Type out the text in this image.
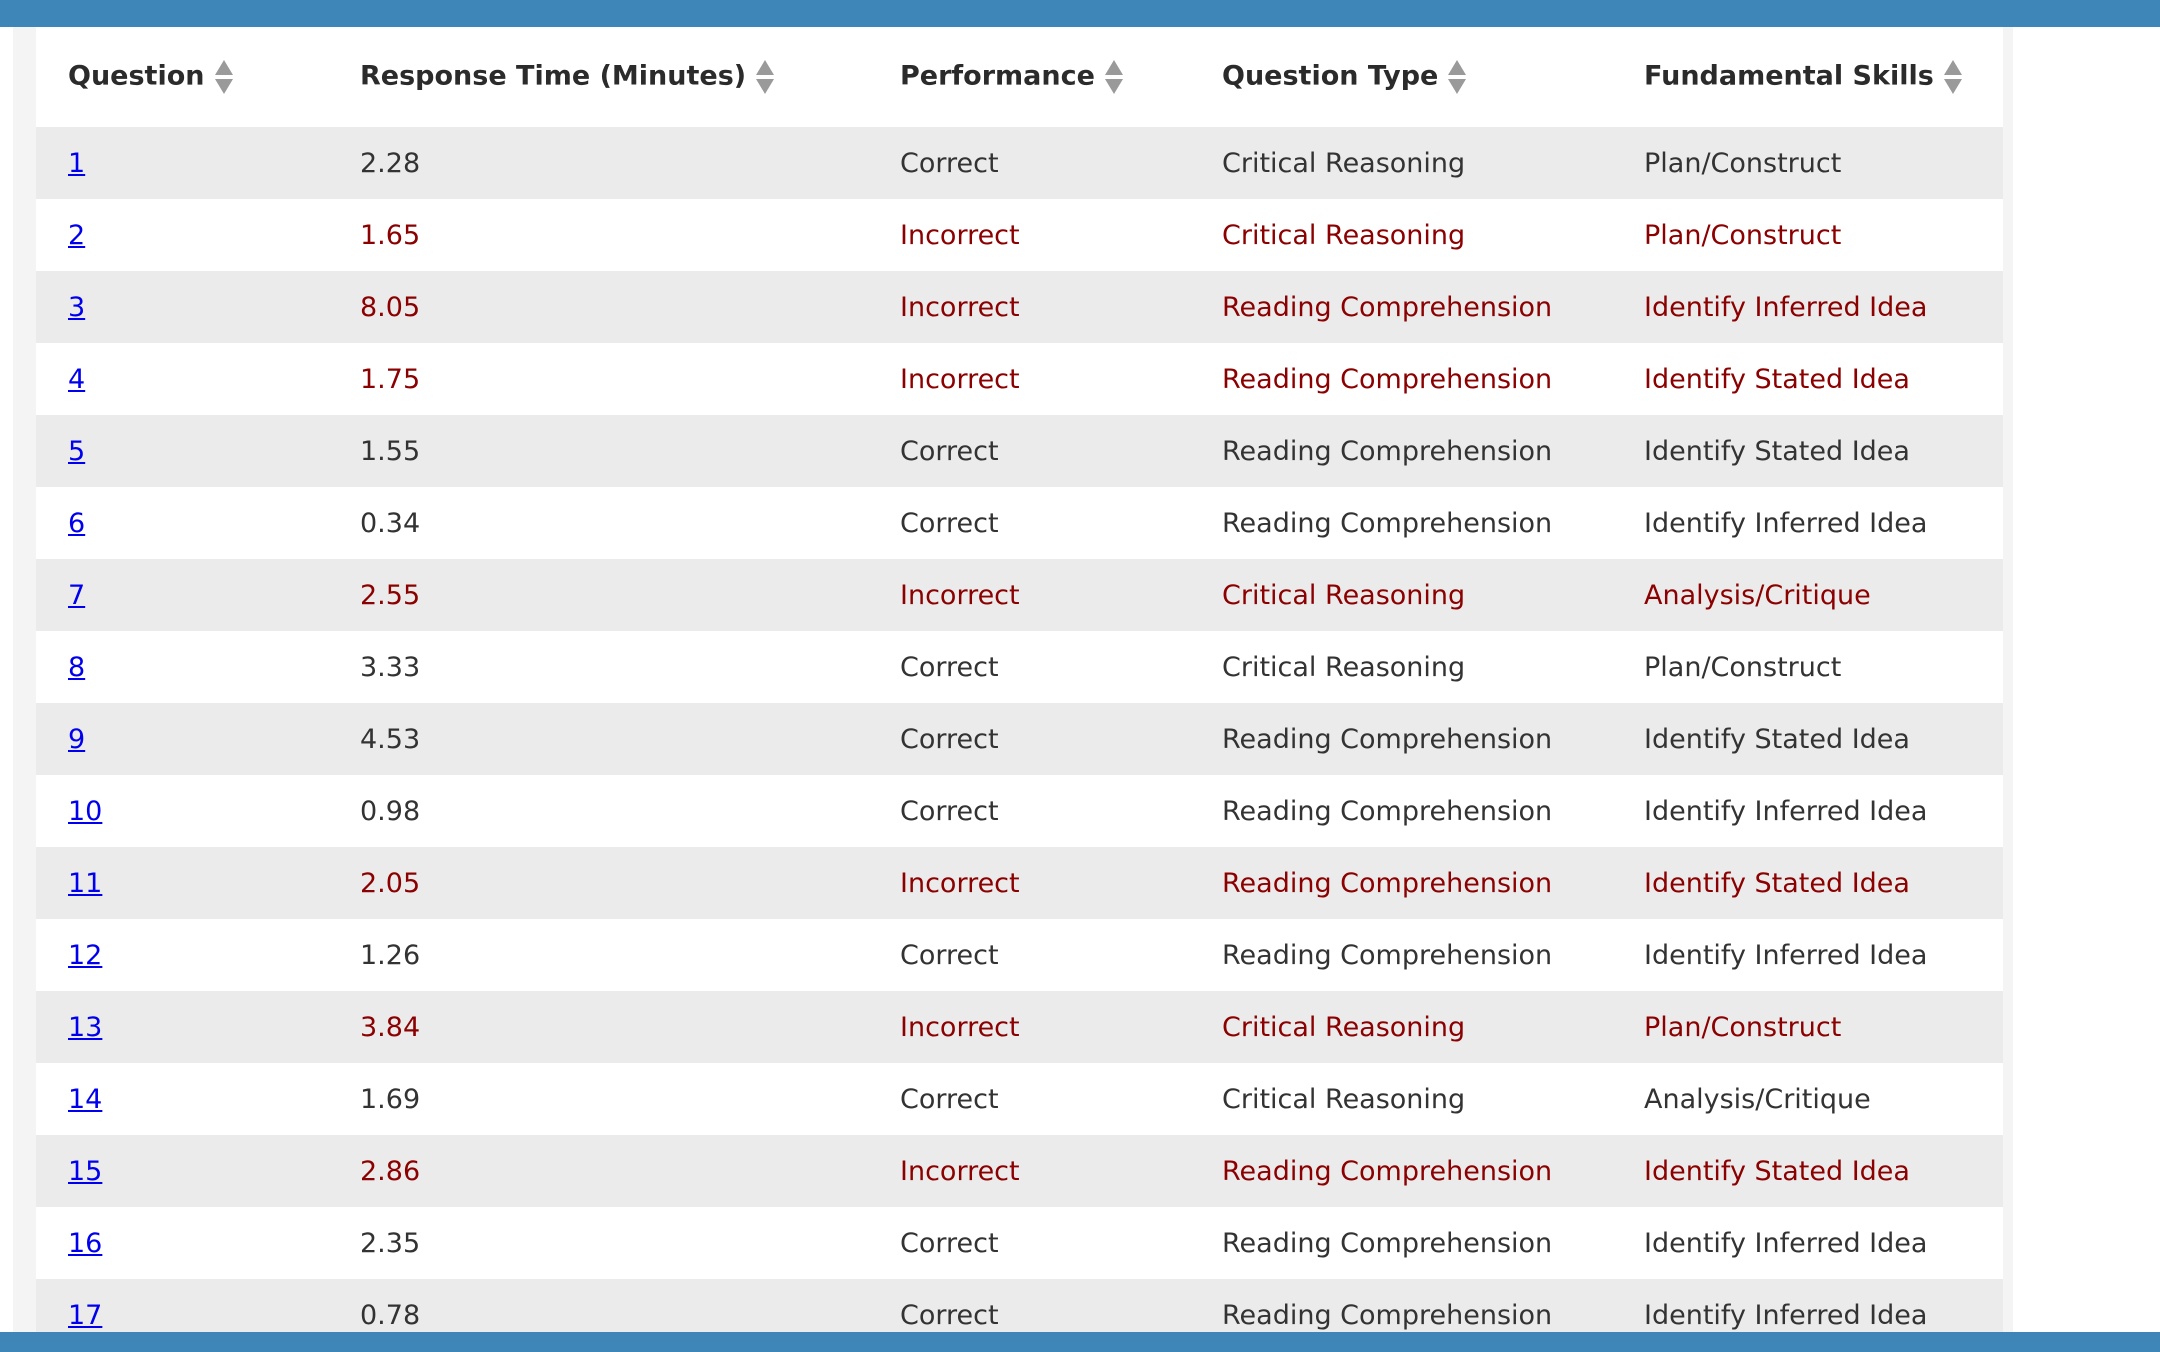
Question	Response Time (Minutes)	Performance	Question Type	Fundamental Skills

1	2.28	Correct	Critical Reasoning	Plan/Construct
2	1.65	Incorrect	Critical Reasoning	Plan/Construct
3	8.05	Incorrect	Reading Comprehension	Identify Inferred Idea
4	1.75	Incorrect	Reading Comprehension	Identify Stated Idea
5	1.55	Correct	Reading Comprehension	Identify Stated Idea
6	0.34	Correct	Reading Comprehension	Identify Inferred Idea
7	2.55	Incorrect	Critical Reasoning	Analysis/Critique
8	3.33	Correct	Critical Reasoning	Plan/Construct
9	4.53	Correct	Reading Comprehension	Identify Stated Idea
10	0.98	Correct	Reading Comprehension	Identify Inferred Idea
11	2.05	Incorrect	Reading Comprehension	Identify Stated Idea
12	1.26	Correct	Reading Comprehension	Identify Inferred Idea
13	3.84	Incorrect	Critical Reasoning	Plan/Construct
14	1.69	Correct	Critical Reasoning	Analysis/Critique
15	2.86	Incorrect	Reading Comprehension	Identify Stated Idea
16	2.35	Correct	Reading Comprehension	Identify Inferred Idea
17	0.78	Correct	Reading Comprehension	Identify Inferred Idea
